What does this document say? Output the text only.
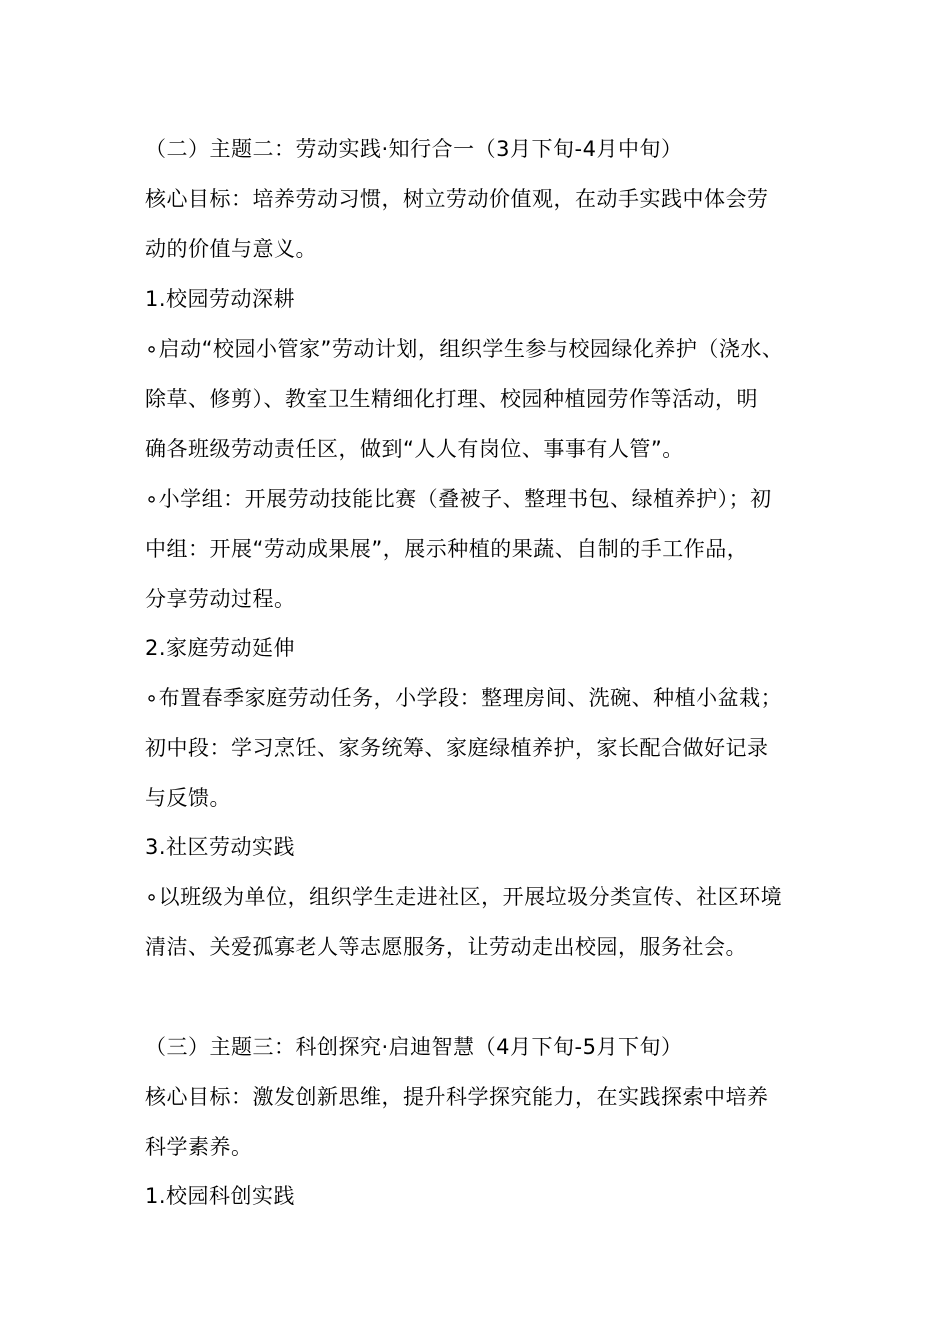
（二）主题二：劳动实践·知行合一（3月下旬-4月中旬）
核心目标：培养劳动习惯，树立劳动价值观，在动手实践中体会劳
动的价值与意义。
1.校园劳动深耕
∘启动“校园小管家”劳动计划，组织学生参与校园绿化养护（浇水、
除草、修剪）、教室卫生精细化打理、校园种植园劳作等活动，明
确各班级劳动责任区，做到“人人有岗位、事事有人管”。
∘小学组：开展劳动技能比赛（叠被子、整理书包、绿植养护）；初
中组：开展“劳动成果展”，展示种植的果蔬、自制的手工作品，
分享劳动过程。
2.家庭劳动延伸
∘布置春季家庭劳动任务，小学段：整理房间、洗碗、种植小盆栽；
初中段：学习烹饪、家务统筹、家庭绿植养护，家长配合做好记录
与反馈。
3.社区劳动实践
∘以班级为单位，组织学生走进社区，开展垃圾分类宣传、社区环境
清洁、关爱孤寡老人等志愿服务，让劳动走出校园，服务社会。
（三）主题三：科创探究·启迪智慧（4月下旬-5月下旬）
核心目标：激发创新思维，提升科学探究能力，在实践探索中培养
科学素养。
1.校园科创实践
